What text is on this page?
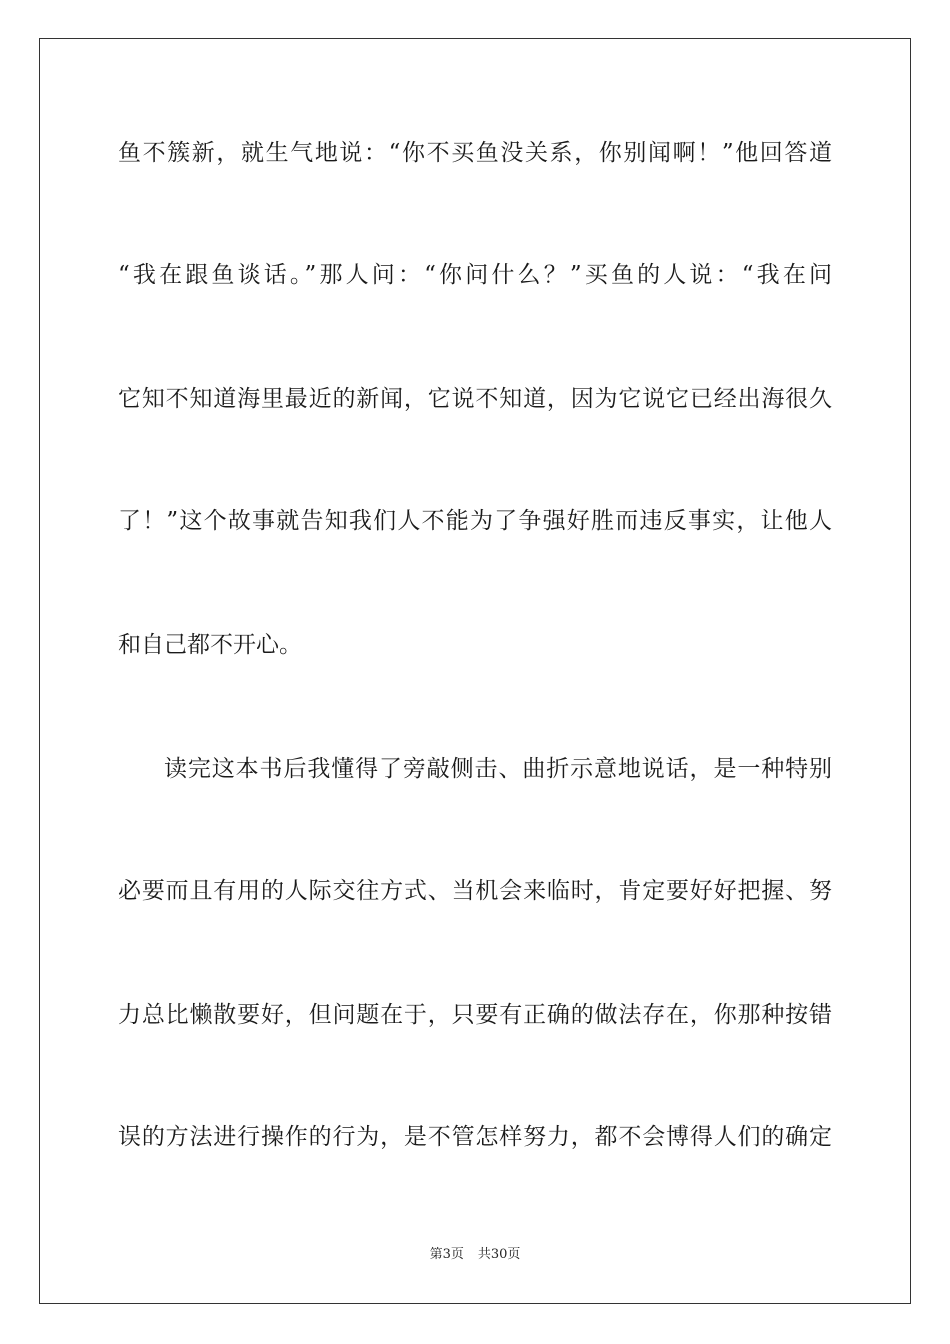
鱼不簇新，就生气地说：“你不买鱼没关系，你别闻啊！”他回答道
“我在跟鱼谈话。”那人问：“你问什么？”买鱼的人说：“我在问
它知不知道海里最近的新闻，它说不知道，因为它说它已经出海很久
了！”这个故事就告知我们人不能为了争强好胜而违反事实，让他人
和自己都不开心。
读完这本书后我懂得了旁敲侧击、曲折示意地说话，是一种特别
必要而且有用的人际交往方式、当机会来临时，肯定要好好把握、努
力总比懒散要好，但问题在于，只要有正确的做法存在，你那种按错
误的方法进行操作的行为，是不管怎样努力，都不会博得人们的确定
第3页 共30页
